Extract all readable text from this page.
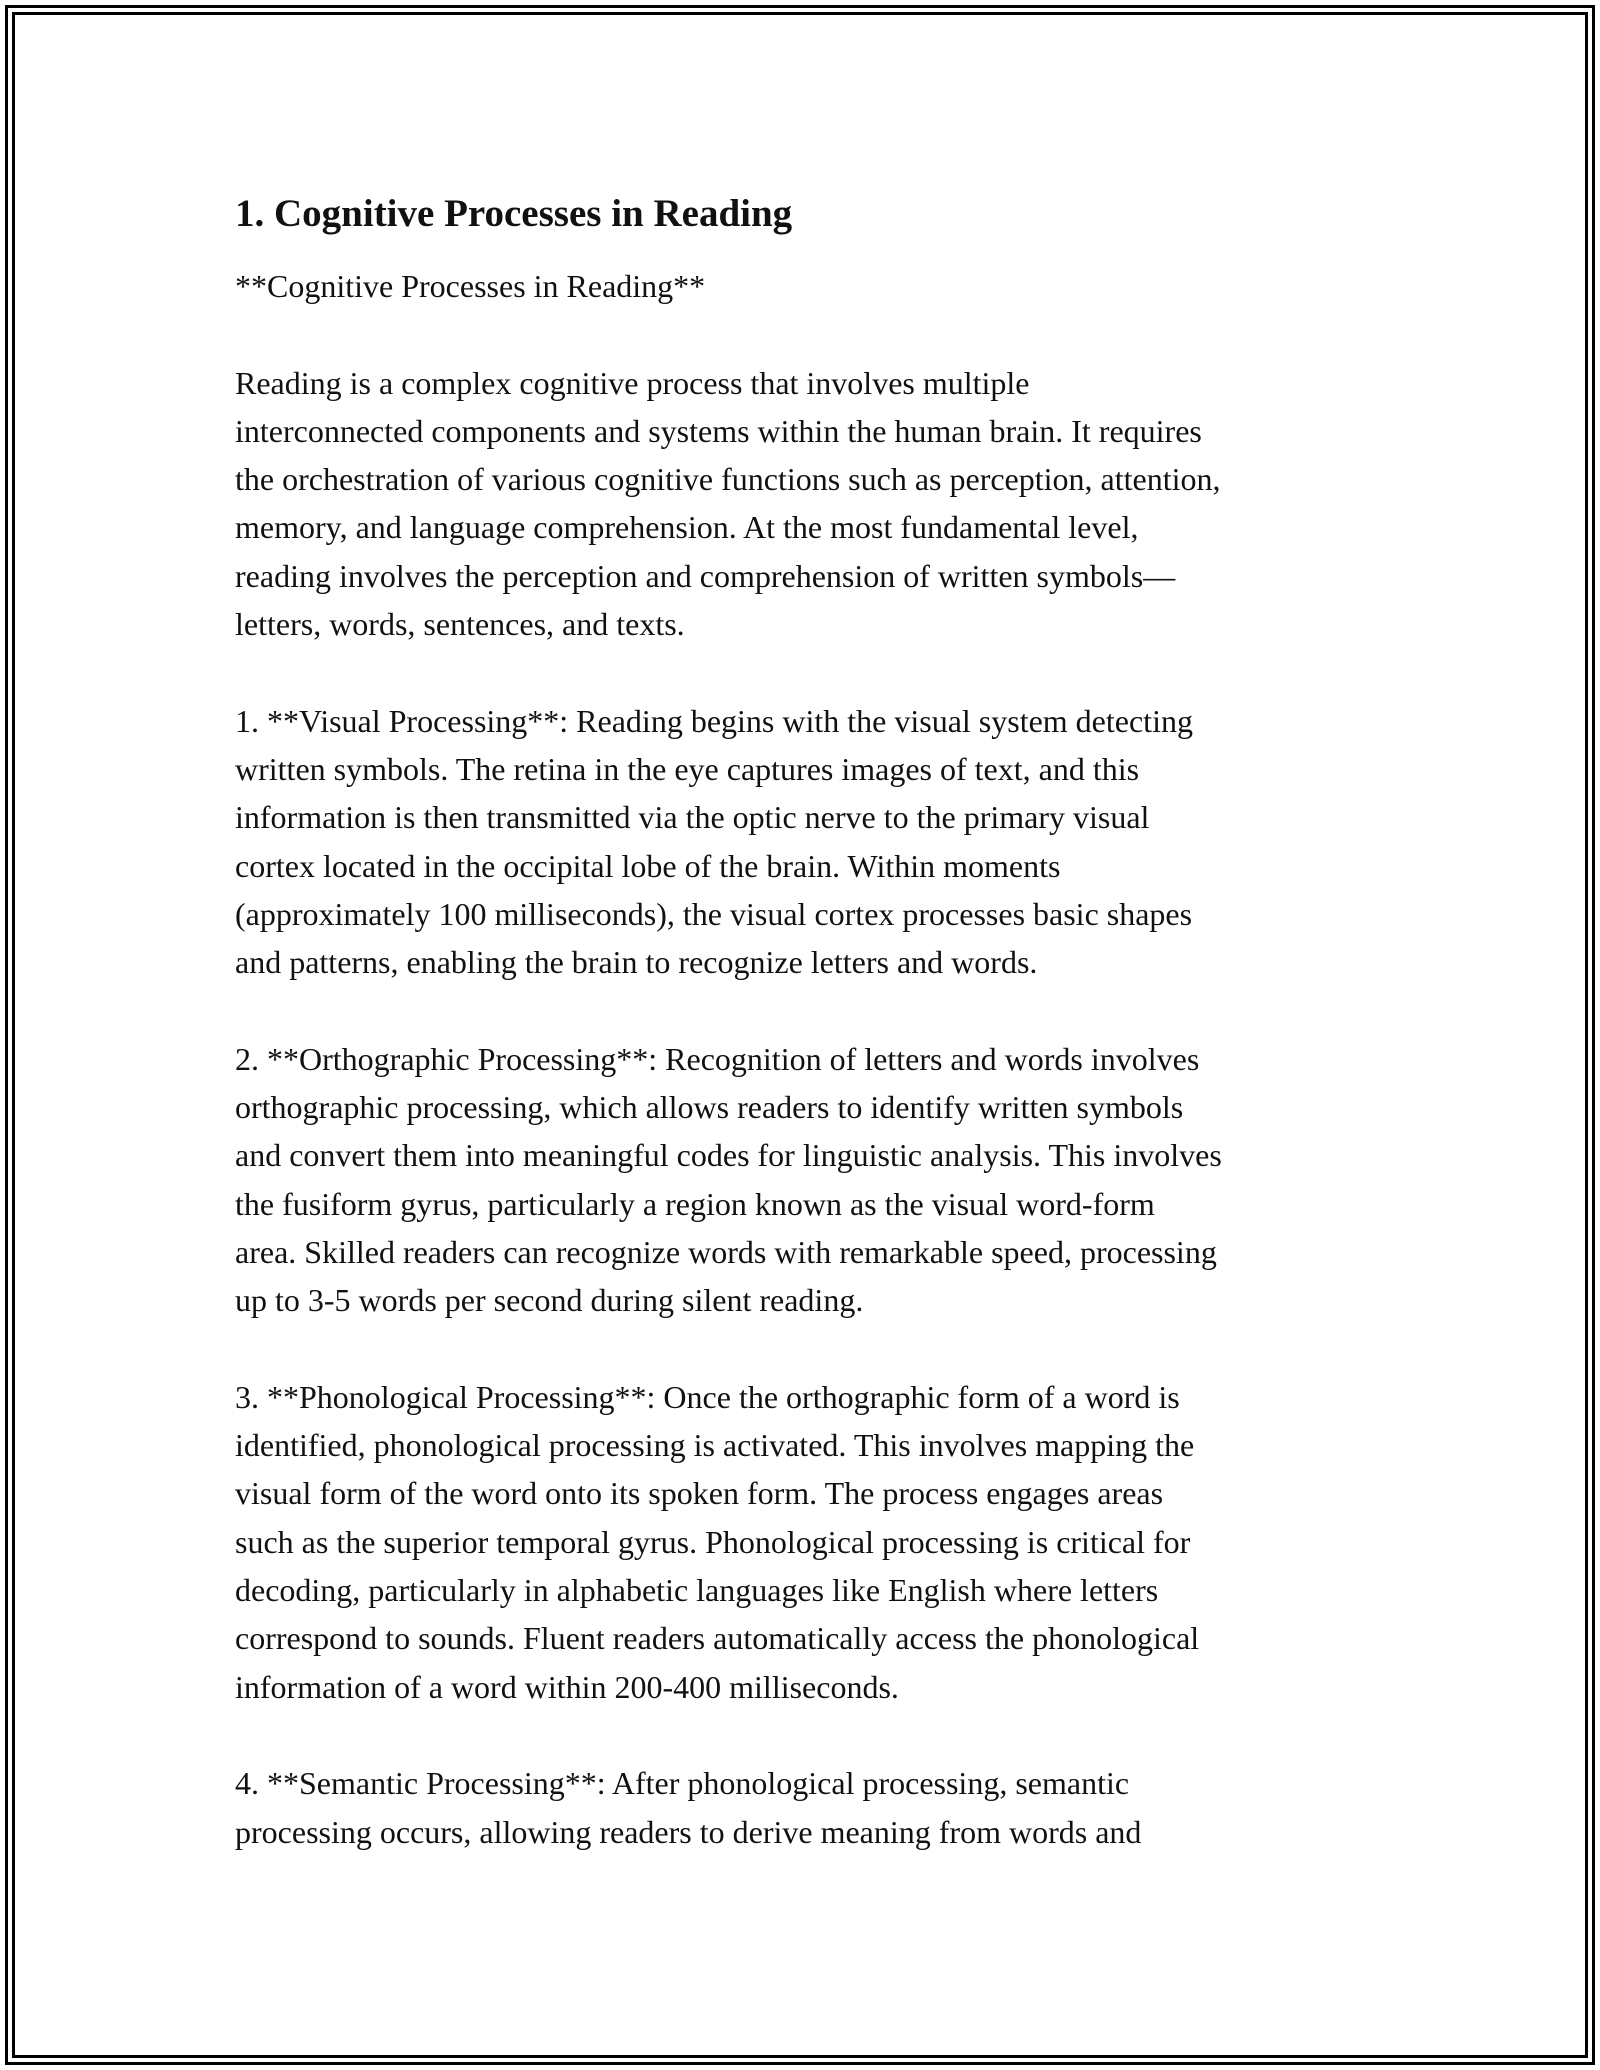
1. Cognitive Processes in Reading

**Cognitive Processes in Reading**

Reading is a complex cognitive process that involves multiple
interconnected components and systems within the human brain. It requires
the orchestration of various cognitive functions such as perception, attention,
memory, and language comprehension. At the most fundamental level,
reading involves the perception and comprehension of written symbols—
letters, words, sentences, and texts.

1. **Visual Processing**: Reading begins with the visual system detecting
written symbols. The retina in the eye captures images of text, and this
information is then transmitted via the optic nerve to the primary visual
cortex located in the occipital lobe of the brain. Within moments
(approximately 100 milliseconds), the visual cortex processes basic shapes
and patterns, enabling the brain to recognize letters and words.

2. **Orthographic Processing**: Recognition of letters and words involves
orthographic processing, which allows readers to identify written symbols
and convert them into meaningful codes for linguistic analysis. This involves
the fusiform gyrus, particularly a region known as the visual word-form
area. Skilled readers can recognize words with remarkable speed, processing
up to 3-5 words per second during silent reading.

3. **Phonological Processing**: Once the orthographic form of a word is
identified, phonological processing is activated. This involves mapping the
visual form of the word onto its spoken form. The process engages areas
such as the superior temporal gyrus. Phonological processing is critical for
decoding, particularly in alphabetic languages like English where letters
correspond to sounds. Fluent readers automatically access the phonological
information of a word within 200-400 milliseconds.

4. **Semantic Processing**: After phonological processing, semantic
processing occurs, allowing readers to derive meaning from words and
